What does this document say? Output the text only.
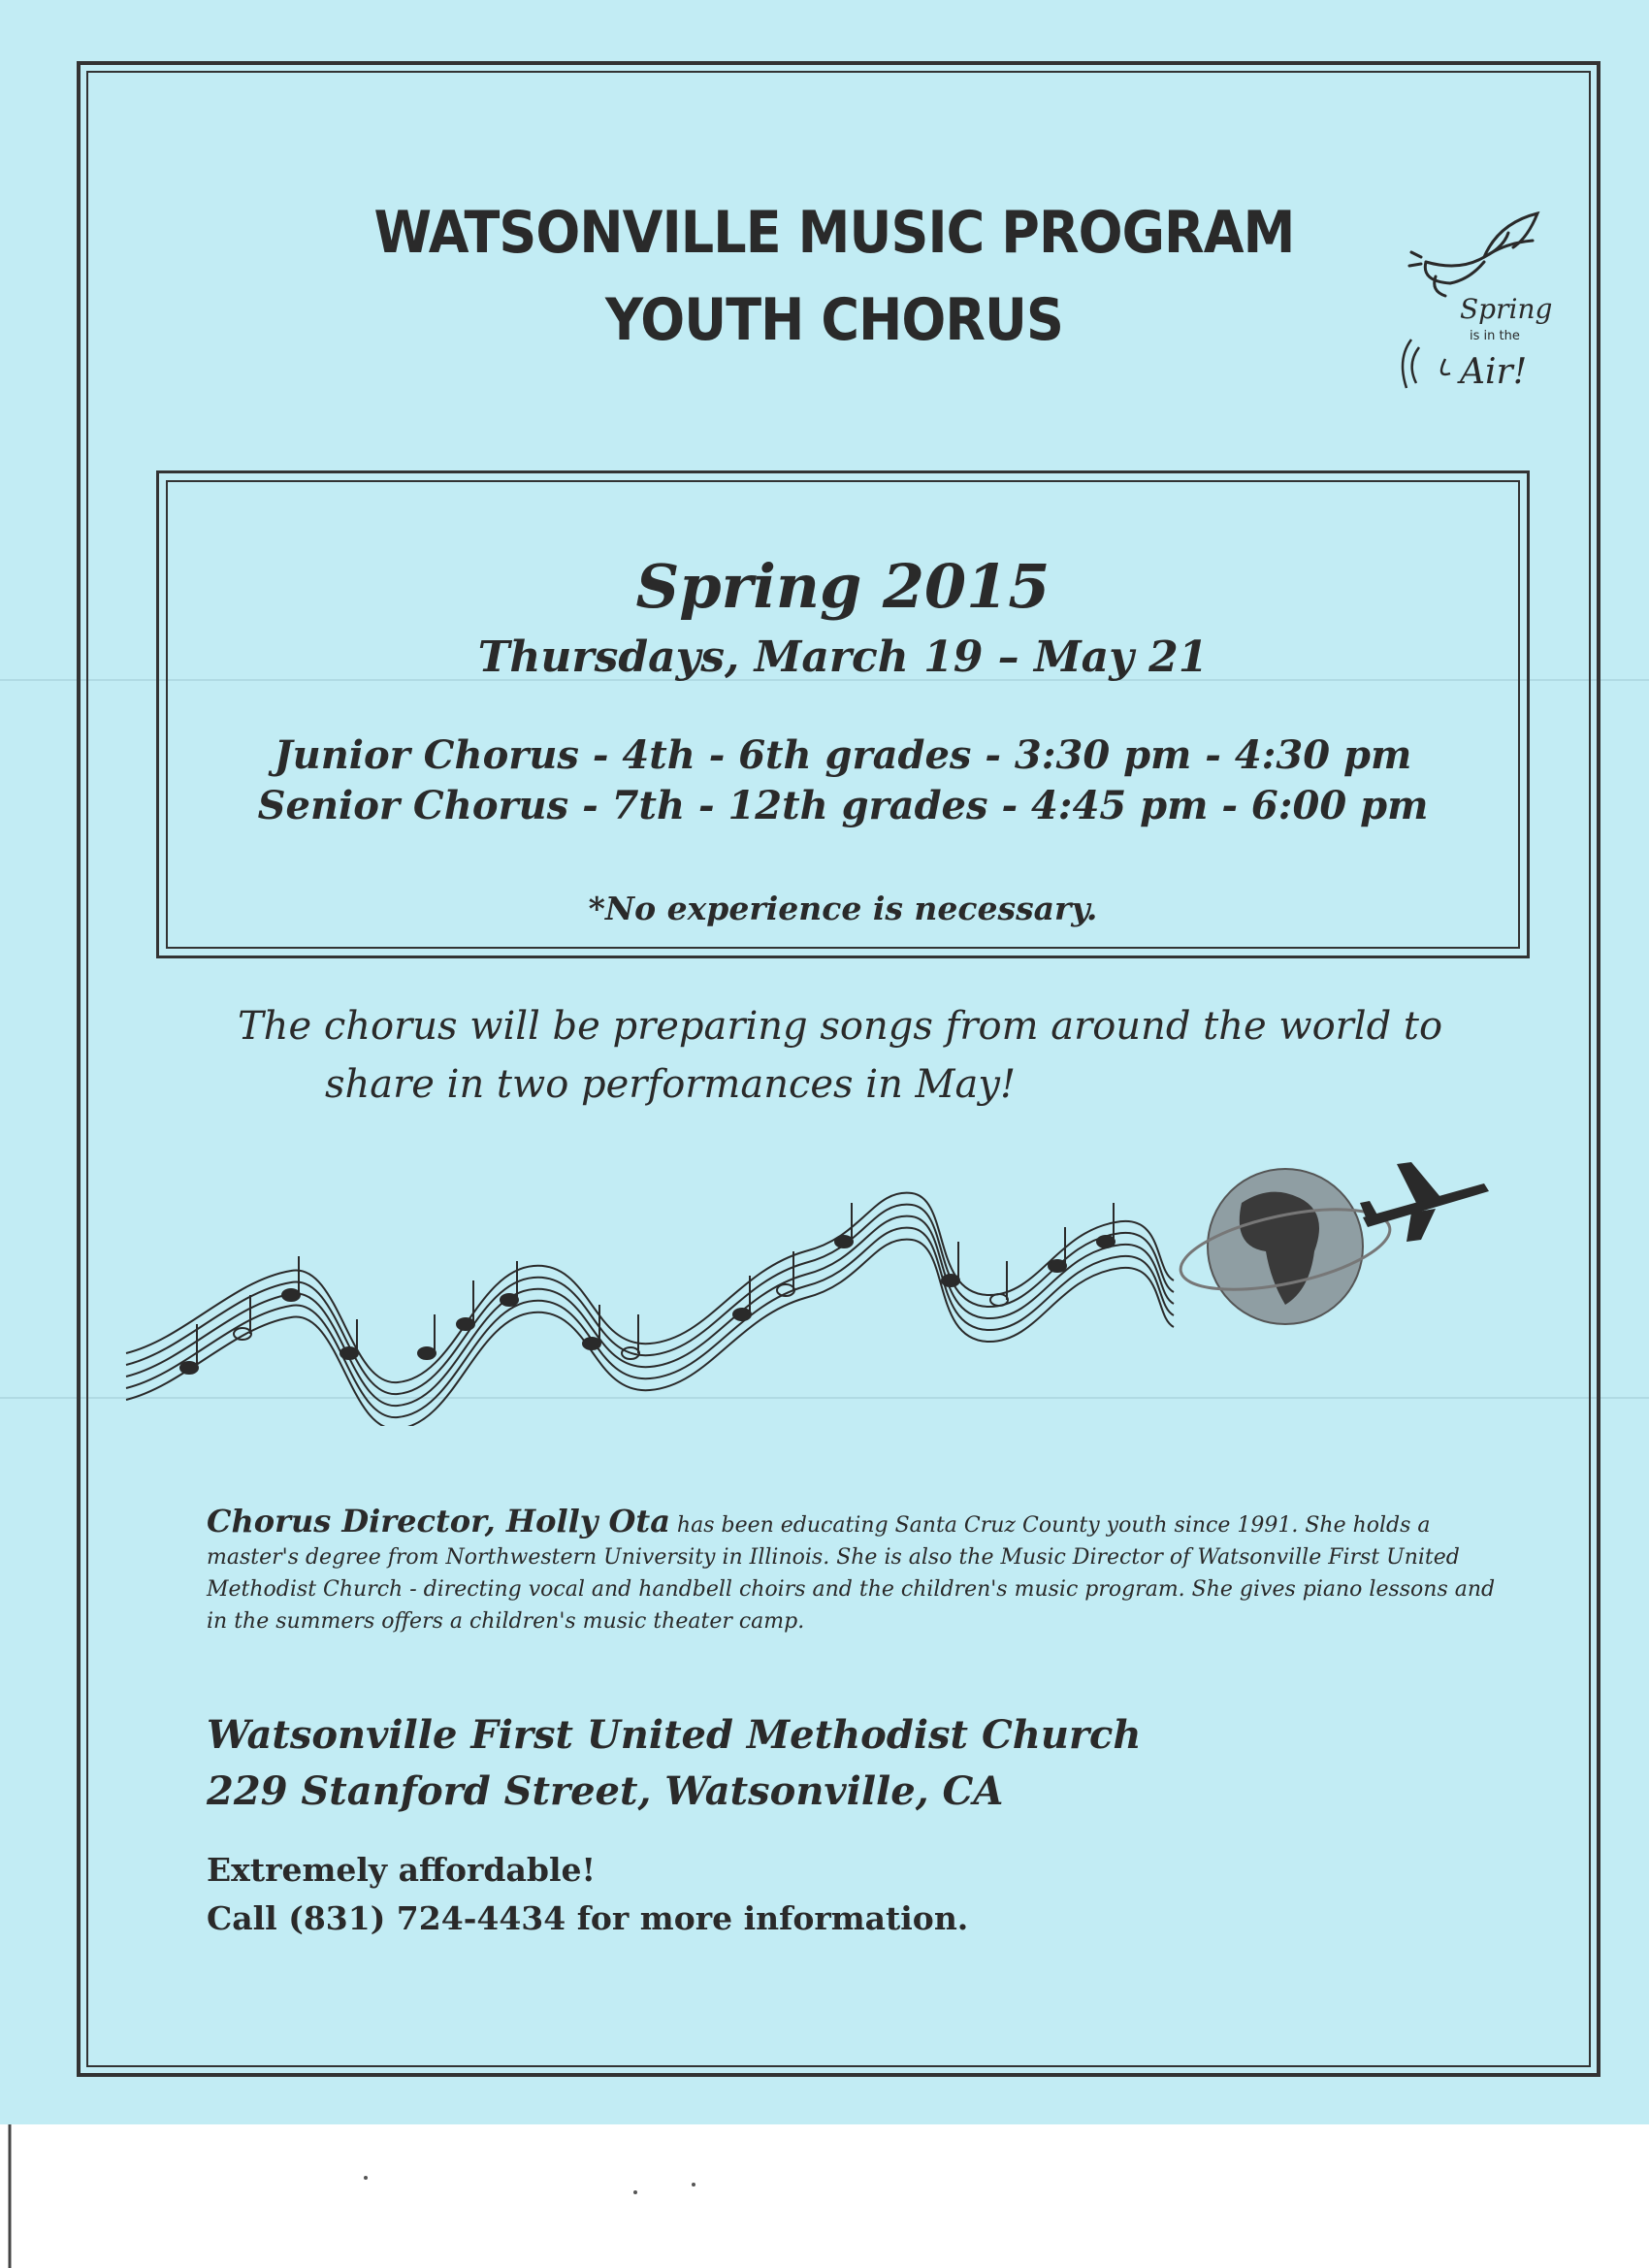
WATSONVILLE MUSIC PROGRAM
YOUTH CHORUS	Spring
is in the
Air!
Spring 2015
Thursdays, March 19 – May 21
Junior Chorus - 4th - 6th grades - 3:30 pm - 4:30 pm
Senior Chorus - 7th - 12th grades - 4:45 pm - 6:00 pm
*No experience is necessary.
The chorus will be preparing songs from around the world to
share in two performances in May!
Chorus Director, Holly Ota has been educating Santa Cruz County youth since 1991. She holds a master's degree from Northwestern University in Illinois. She is also the Music Director of Watsonville First United Methodist Church - directing vocal and handbell choirs and the children's music program. She gives piano lessons and in the summers offers a children's music theater camp.
Watsonville First United Methodist Church
229 Stanford Street, Watsonville, CA
Extremely affordable!
Call (831) 724-4434 for more information.
